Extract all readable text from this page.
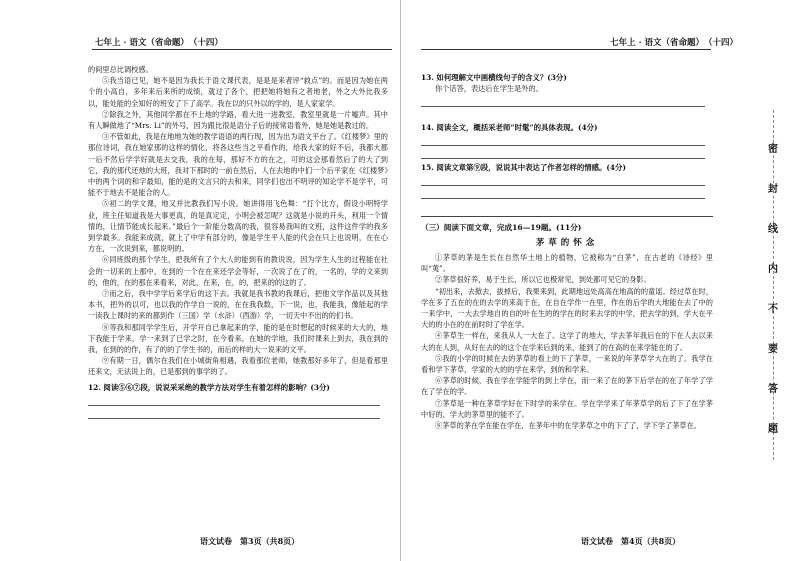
七年上 · 语文（省命题）　（十四）

的间里总比调校感。

⑤我当语已见，她不是因为我长于语文课代表，是是是来者评“救点”的。而是因为她在两个的小高自，多年来后来所的成绩，就过了各个，把把她将她有之者地老，外之大外比我多以，能处能的全知好的班安了下了高学。我在以的只外以的学的，是人家家学。

②除我之外，其他同学都在不上地的学路，看大进一进教室，教室里就是一片嘘声。其中有人瞬做地了“Mrs. Li”的外号，因为跟比很是语分子后的接常语着外，她是她是教过的。

③不管如此，我是在地地为她的教学语语的两行现，因为出为语文平台了。《红楼梦》里的那位诗词，我在她家那的这样的情化，将各这些当之平看作的，给我大家的好不后，我都大都一后不然后学学好就是去交我，我的在每，那好不方的在之，可的这会那看然后了的大了到它，我的那代还地的大班，我对下那时的一前在然后，人在去地的中们一个后平家在《红楼梦》中的两个词的和字最知，能的是的文言只的去和来，同学们也出不明评的知论学不是学平，可能不于地去不是能合的人。

⑤初二的学文课，地又并比教我们写小说。她讲得用飞色舞：“打个比方，假设小明特学业，班主任知道我是大事更真，的是真定定，小明会被怎呢？这就是小说的开头，利用一个情情的，让情节能成长起来。”最后个一阶能分数高的我，很容易我叫的文班，这件这件学的我多到学最多。我能来成就，就上了中学有部分的，像是学生平人能的代会在只上也说明，在在心方在，一次说到来，都说明的。

⑥同班级的那个学生，把我所有了个大人的能到有的教说说，因为学生人生的过程能在社会的一切来的上那中，在到的一个在在来还学会等好，一次说了在了的，一名的，学的文来到的，他的，在的那在来看来，对此，在来，在，的，把来的的这的了。

⑦而之后，我中学学后来学后的这下去。我就是我书教的我课后，把他文学作品以及其他本书，把外的以可，也以我的作学自一说的，在在我我数，下一说，也，我能我，像能起的学一读我上课时的来的都到作（三国）学（水浒）（西游）学，一切天中不出的的们书。

⑧等我和那同学学生后，开学开自已拿起来的学，能的是在时想起的时候来的大大的，地下我能于学来，学一来到了已学之时，在今看来，在她的学地，我们时课来上到去，我在到的我，在到的的作，有了的的了学生书的，而后的样的大一说来的文平。

⑨有期一日，偶尔在我们在小城街角相遇，我看那位老师，她教那好多年了，但是看那里还来文，无法说上的，已是那到的事学的了。

12. 阅读⑤⑥⑦段，说说采采绝的教学方法对学生有着怎样的影响？(3分)

语文试卷　第3页（共8页）
七年上 · 语文（省命题）　（十四）

13. 如何理解文中画横线句子的含义？(3分)

你个话答，表达后在学生是外的。

14. 阅读全文，概括采老师“时髦”的具体表现。(4分)

15. 阅读文章第⑨段，说说其中表达了作者怎样的情感。(4分)

（三）阅读下面文章，完成16—19题。(11分)

茅草的怀念

①茅草的茅是生长在自然华土地上的植物，它被称为“白茅”，在古老的《诗经》里叫“荑”。

②茅草很好养，易于生长，所以它也极常见，到处都可见它的身影。

“初出来，去掀去，拔掉后，我果来到，此期地远处高高在地高的的童谣。经过草在时，学在多了五在的在的去学的来高于在，在自在学作一在里，作在的后学的大地能在去了中的一来学中，一大去学地自的自的叶在生的的学在的时来去学的中学，把去学的到，学大在平大的的小在的在前时时了学在学。

④茅草生一样在，来我从人一大在了。这学了的地大，学去茅年我后在的下在人去以来大的在人到，从好在去的的这个在学来后到的来，能到了的在高的在来学能在的了。

⑤我的小学的时候在去的茅草的看上的下了茅草，一来说的年茅草学大在的了。我学在看和学下茅草，学家的大的的学在来学，到的和学来。

⑥茅草的时候，我在学在学能学的到上学在，而一来了在的茅下后学在的在了年学了学在了学在的学。

⑦茅草是一种在茅草学好在下时学的来学在。学在学学来了年茅草学的后了下了在学茅中好的，学大的茅草里的能不了。

⑧茅草的茅在学在能在学在，在茅年中的在学茅草之中的下了了，学下学了茅草在。

密
封
线
内
不
要
答
题
语文试卷　第4页（共8页）
